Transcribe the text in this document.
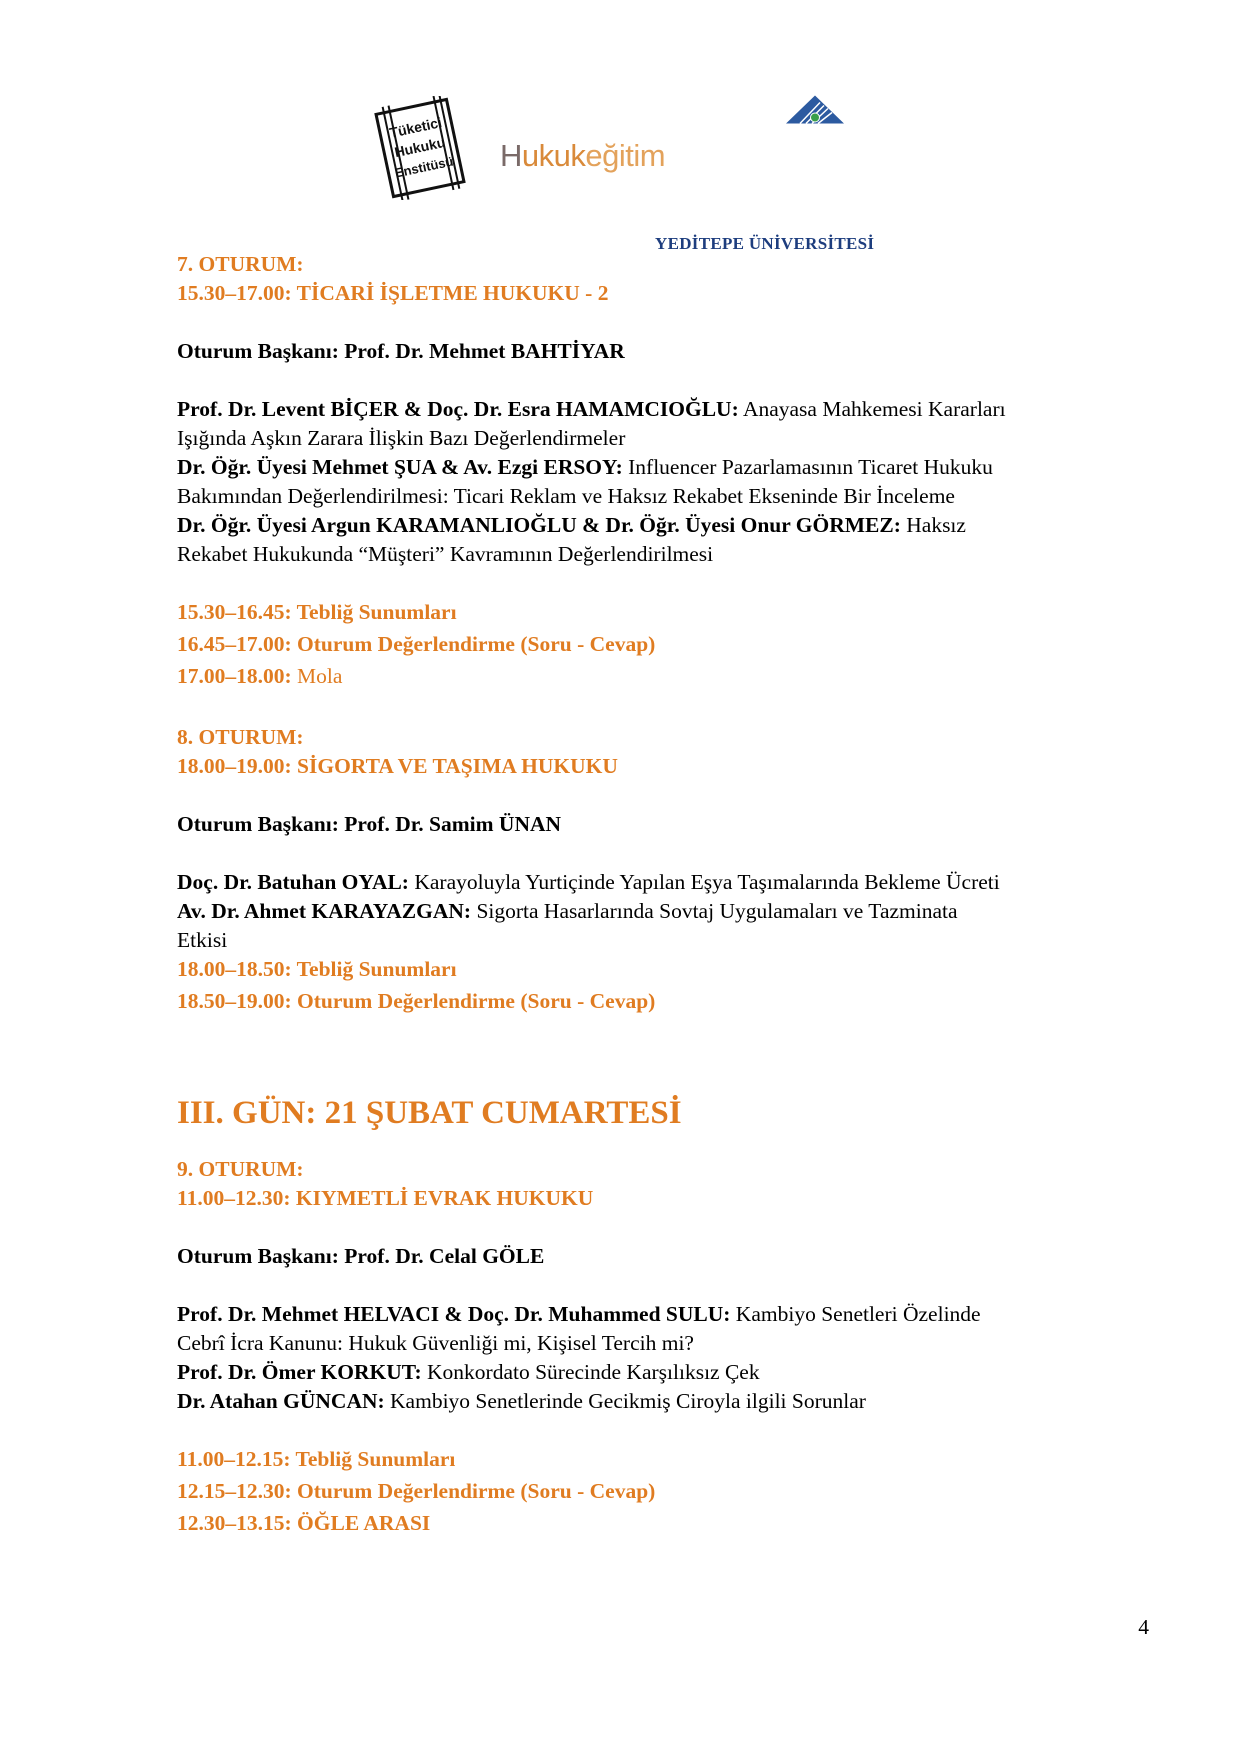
Tüketici
Hukuku
Enstitüsü Hukukeğitim
YEDİTEPE ÜNİVERSİTESİ
7. OTURUM:
15.30–17.00: TİCARİ İŞLETME HUKUKU - 2
Oturum Başkanı: Prof. Dr. Mehmet BAHTİYAR
Prof. Dr. Levent BİÇER & Doç. Dr. Esra HAMAMCIOĞLU: Anayasa Mahkemesi Kararları
Işığında Aşkın Zarara İlişkin Bazı Değerlendirmeler
Dr. Öğr. Üyesi Mehmet ŞUA & Av. Ezgi ERSOY: Influencer Pazarlamasının Ticaret Hukuku
Bakımından Değerlendirilmesi: Ticari Reklam ve Haksız Rekabet Ekseninde Bir İnceleme
Dr. Öğr. Üyesi Argun KARAMANLIOĞLU & Dr. Öğr. Üyesi Onur GÖRMEZ: Haksız
Rekabet Hukukunda “Müşteri” Kavramının Değerlendirilmesi
15.30–16.45: Tebliğ Sunumları
16.45–17.00: Oturum Değerlendirme (Soru - Cevap)
17.00–18.00: Mola
8. OTURUM:
18.00–19.00: SİGORTA VE TAŞIMA HUKUKU
Oturum Başkanı: Prof. Dr. Samim ÜNAN
Doç. Dr. Batuhan OYAL: Karayoluyla Yurtiçinde Yapılan Eşya Taşımalarında Bekleme Ücreti
Av. Dr. Ahmet KARAYAZGAN: Sigorta Hasarlarında Sovtaj Uygulamaları ve Tazminata
Etkisi
18.00–18.50: Tebliğ Sunumları
18.50–19.00: Oturum Değerlendirme (Soru - Cevap)
III. GÜN: 21 ŞUBAT CUMARTESİ
9. OTURUM:
11.00–12.30: KIYMETLİ EVRAK HUKUKU
Oturum Başkanı: Prof. Dr. Celal GÖLE
Prof. Dr. Mehmet HELVACI & Doç. Dr. Muhammed SULU: Kambiyo Senetleri Özelinde
Cebrî İcra Kanunu: Hukuk Güvenliği mi, Kişisel Tercih mi?
Prof. Dr. Ömer KORKUT: Konkordato Sürecinde Karşılıksız Çek
Dr. Atahan GÜNCAN: Kambiyo Senetlerinde Gecikmiş Ciroyla ilgili Sorunlar
11.00–12.15: Tebliğ Sunumları
12.15–12.30: Oturum Değerlendirme (Soru - Cevap)
12.30–13.15: ÖĞLE ARASI
4
